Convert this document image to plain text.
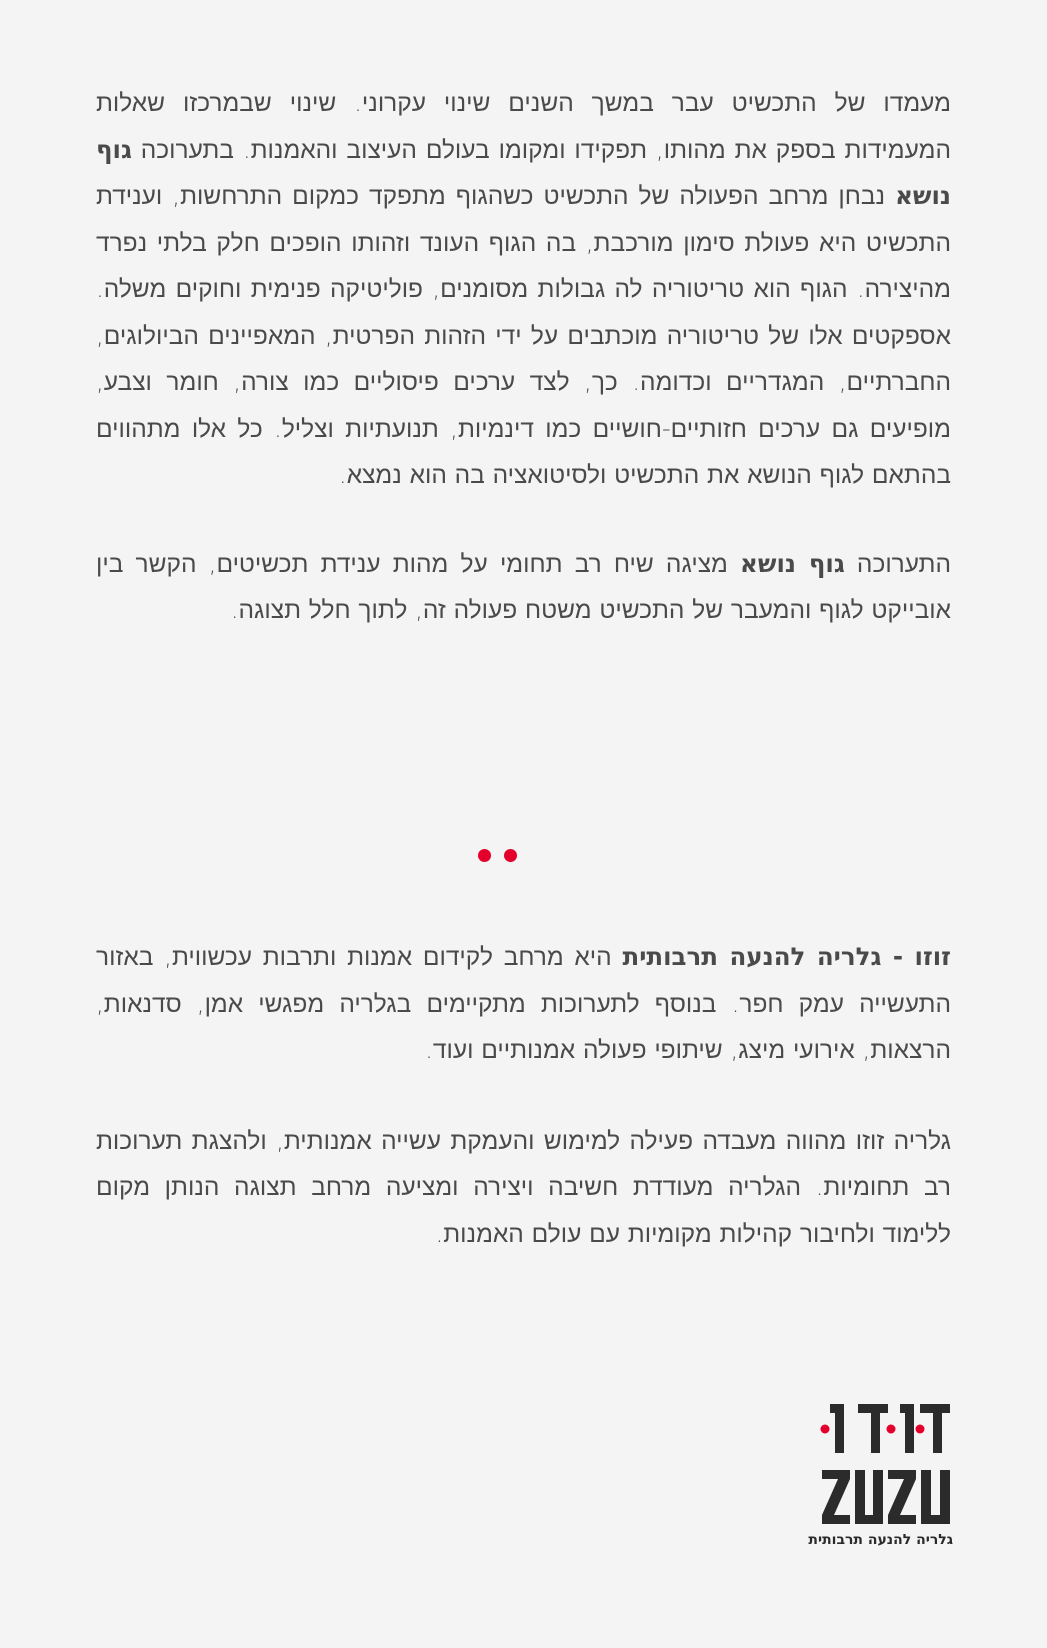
מעמדו של התכשיט עבר במשך השנים שינוי עקרוני. שינוי שבמרכזו שאלות המעמידות בספק את מהותו, תפקידו ומקומו בעולם העיצוב והאמנות. בתערוכה גוף נושא נבחן מרחב הפעולה של התכשיט כשהגוף מתפקד כמקום התרחשות, וענידת התכשיט היא פעולת סימון מורכבת, בה הגוף העונד וזהותו הופכים חלק בלתי נפרד מהיצירה. הגוף הוא טריטוריה לה גבולות מסומנים, פוליטיקה פנימית וחוקים משלה. אספקטים אלו של טריטוריה מוכתבים על ידי הזהות הפרטית, המאפיינים הביולוגים, החברתיים, המגדריים וכדומה. כך, לצד ערכים פיסוליים כמו צורה, חומר וצבע, מופיעים גם ערכים חזותיים-חושיים כמו דינמיות, תנועתיות וצליל. כל אלו מתהווים בהתאם לגוף הנושא את התכשיט ולסיטואציה בה הוא נמצא.

התערוכה גוף נושא מציגה שיח רב תחומי על מהות ענידת תכשיטים, הקשר בין אובייקט לגוף והמעבר של התכשיט משטח פעולה זה, לתוך חלל תצוגה.

זוזו - גלריה להנעה תרבותית היא מרחב לקידום אמנות ותרבות עכשווית, באזור התעשייה עמק חפר. בנוסף לתערוכות מתקיימים בגלריה מפגשי אמן, סדנאות, הרצאות, אירועי מיצג, שיתופי פעולה אמנותיים ועוד.

גלריה זוזו מהווה מעבדה פעילה למימוש והעמקת עשייה אמנותית, ולהצגת תערוכות רב תחומיות. הגלריה מעודדת חשיבה ויצירה ומציעה מרחב תצוגה הנותן מקום ללימוד ולחיבור קהילות מקומיות עם עולם האמנות.

גלריה להנעה תרבותית
